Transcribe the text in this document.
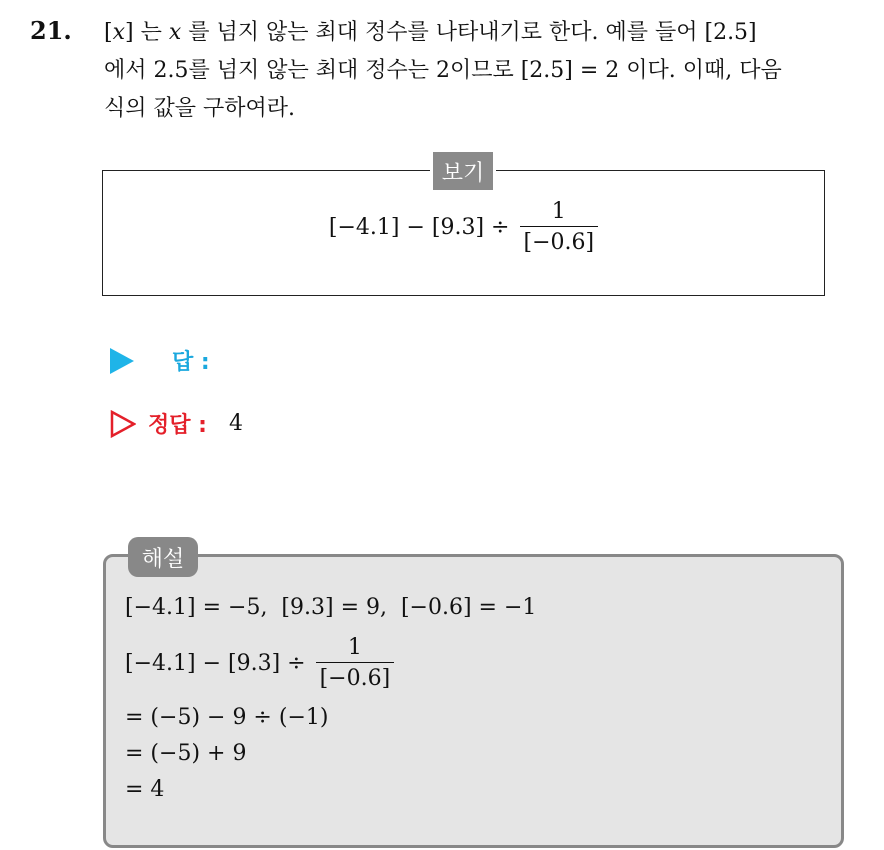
21. [x] 는 x 를 넘지 않는 최대 정수를 나타내기로 한다. 예를 들어 [2.5]
에서 2.5를 넘지 않는 최대 정수는 2이므로 [2.5] = 2 이다. 이때, 다음
식의 값을 구하여라.
$[-4.1] - [9.3] \div \frac{1}{[-0.6]}$
보기
답 :
정답 : 4
해설
[−4.1] = −5,  [9.3] = 9,  [−0.6] = −1
$[-4.1] - [9.3] \div \frac{1}{[-0.6]}$
= (−5) − 9 ÷ (−1)
= (−5) + 9
= 4
